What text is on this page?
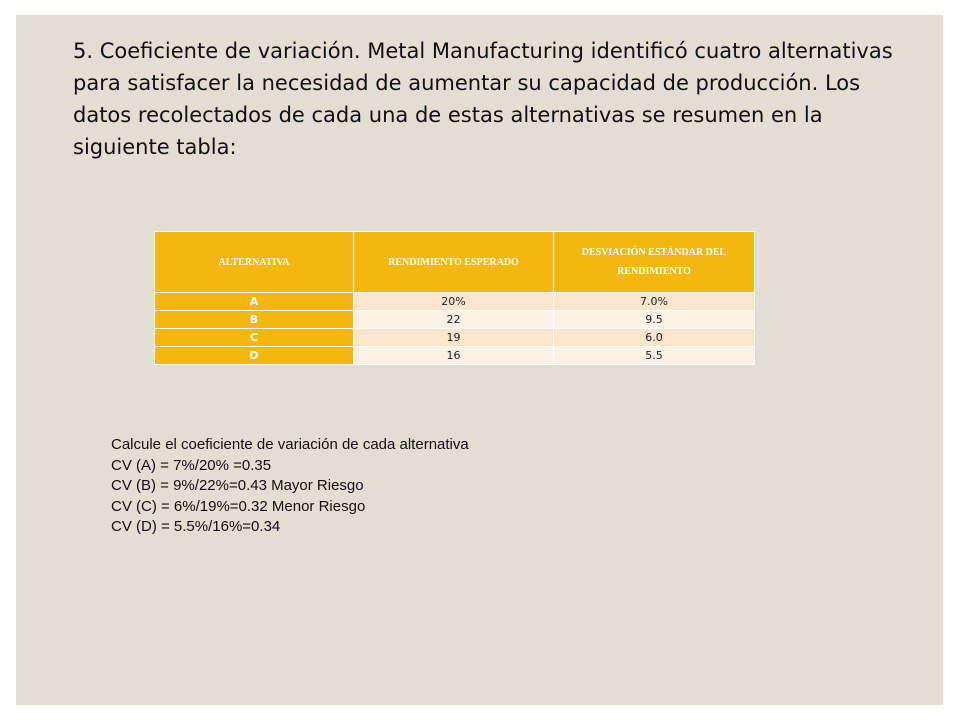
5. Coeficiente de variación. Metal Manufacturing identificó cuatro alternativas para satisfacer la necesidad de aumentar su capacidad de producción. Los datos recolectados de cada una de estas alternativas se resumen en la siguiente tabla:

ALTERNATIVA	RENDIMIENTO ESPERADO	DESVIACIÓN ESTÁNDAR DEL RENDIMIENTO
A	20%	7.0%
B	22	9.5
C	19	6.0
D	16	5.5
Calcule el coeficiente de variación de cada alternativa
CV (A) = 7%/20% =0.35
CV (B) = 9%/22%=0.43 Mayor Riesgo
CV (C) = 6%/19%=0.32 Menor Riesgo
CV (D) = 5.5%/16%=0.34
